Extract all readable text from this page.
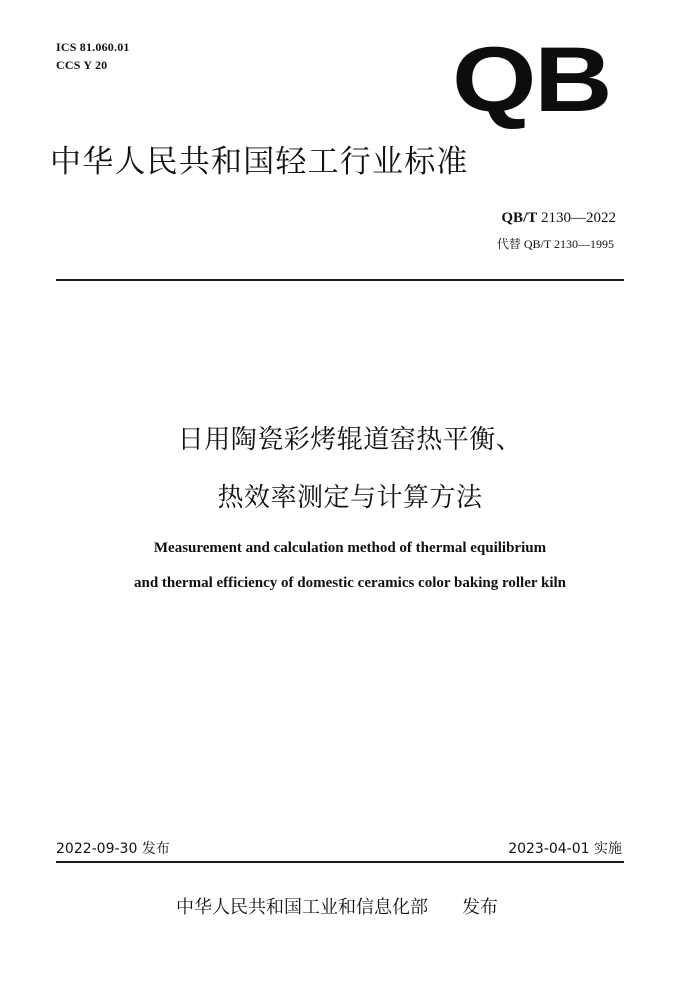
ICS 81.060.01
CCS Y 20	QB
中华人民共和国轻工行业标准
QB/T 2130—2022
代替 QB/T 2130—1995
日用陶瓷彩烤辊道窑热平衡、
热效率测定与计算方法
Measurement and calculation method of thermal equilibrium
and thermal efficiency of domestic ceramics color baking roller kiln
2022-09-30 发布	2023-04-01 实施
中华人民共和国工业和信息化部 发布
